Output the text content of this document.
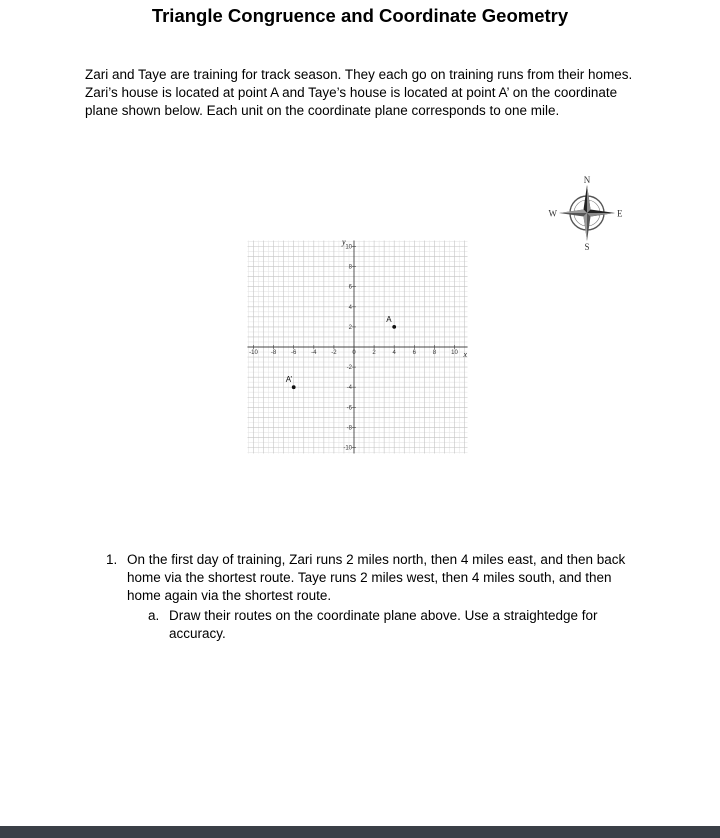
Triangle Congruence and Coordinate Geometry

Zari and Taye are training for track season. They each go on training runs from their homes. Zari’s house is located at point A and Taye’s house is located at point A’ on the coordinate plane shown below. Each unit on the coordinate plane corresponds to one mile.

-10 -8 -6 -4 -2	0	2	4	6	8	10
10
8
6
4
2
-2
-4
-6
-8
-10
x
y
A
A’
N
S
E
W
1. On the first day of training, Zari runs 2 miles north, then 4 miles east, and then back home via the shortest route. Taye runs 2 miles west, then 4 miles south, and then home again via the shortest route.

a. Draw their routes on the coordinate plane above. Use a straightedge for accuracy.
